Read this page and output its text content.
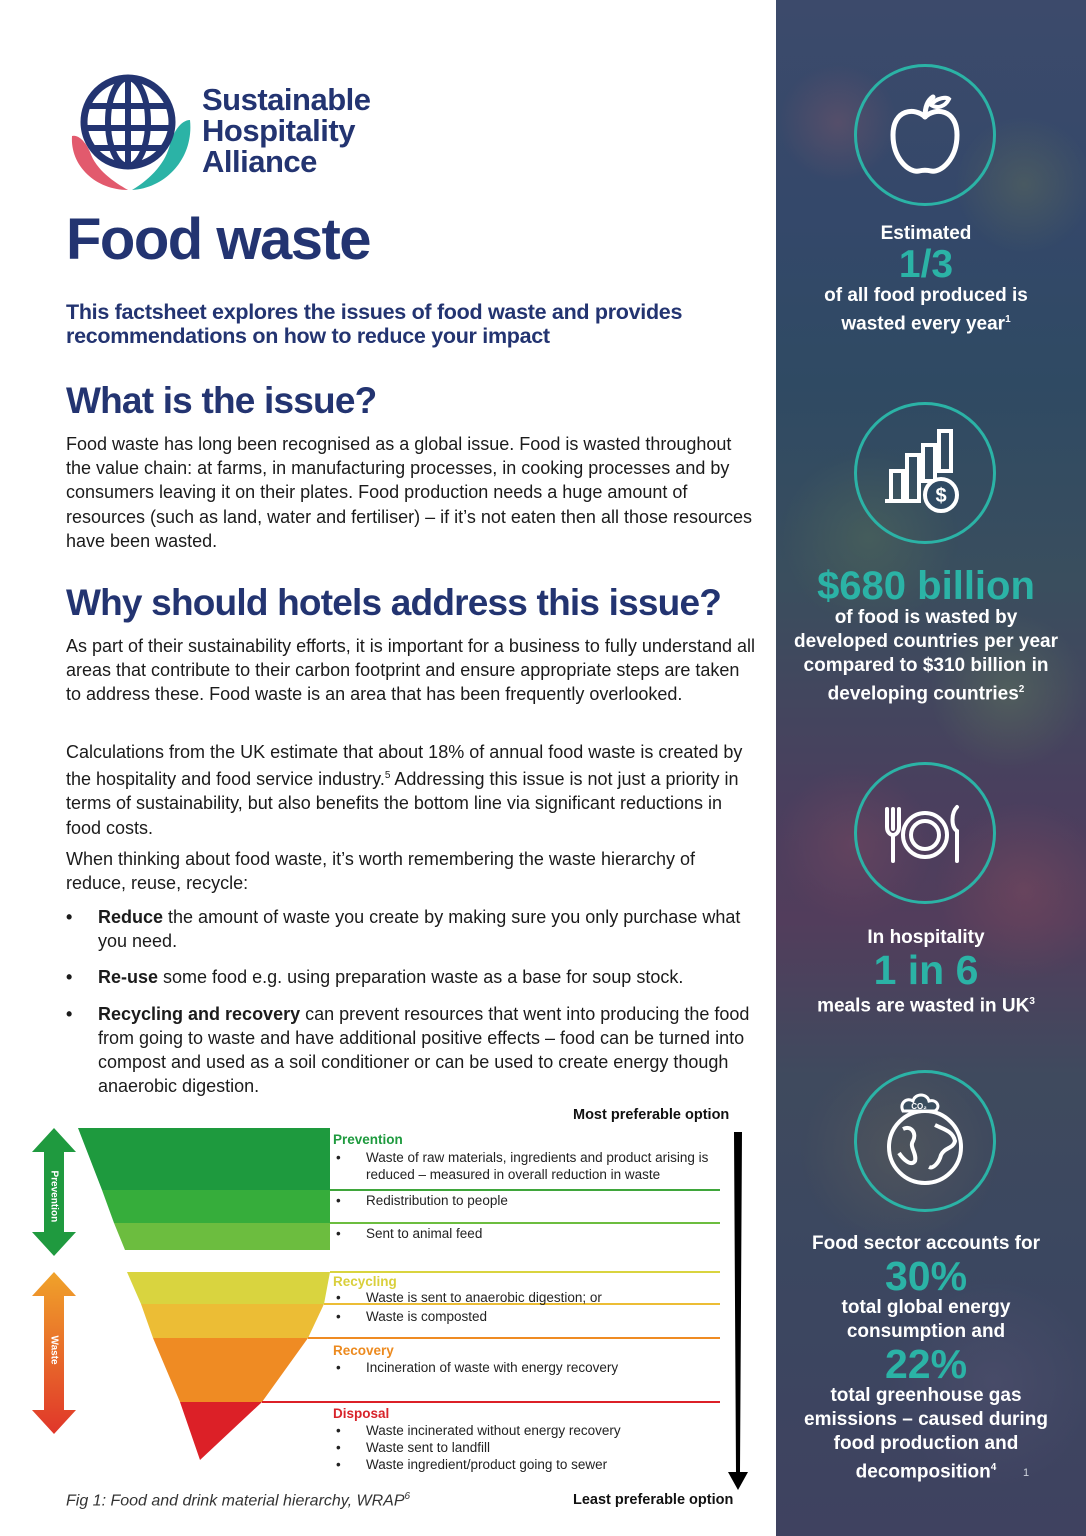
Sustainable
Hospitality
Alliance
Food waste

This factsheet explores the issues of food waste and provides recommendations on how to reduce your impact

What is the issue?

Food waste has long been recognised as a global issue. Food is wasted throughout the value chain: at farms, in manufacturing processes, in cooking processes and by consumers leaving it on their plates. Food production needs a huge amount of resources (such as land, water and fertiliser) – if it’s not eaten then all those resources have been wasted.

Why should hotels address this issue?

As part of their sustainability efforts, it is important for a business to fully understand all areas that contribute to their carbon footprint and ensure appropriate steps are taken to address these. Food waste is an area that has been frequently overlooked.

Calculations from the UK estimate that about 18% of annual food waste is created by the hospitality and food service industry.$^5$ Addressing this issue is not just a priority in terms of sustainability, but also benefits the bottom line via significant reductions in food costs.

When thinking about food waste, it’s worth remembering the waste hierarchy of reduce, reuse, recycle:

• Reduce the amount of waste you create by making sure you only purchase what you need.
• Re-use some food e.g. using preparation waste as a base for soup stock.
• Recycling and recovery can prevent resources that went into producing the food from going to waste and have additional positive effects – food can be turned into compost and used as a soil conditioner or can be used to create energy though anaerobic digestion.
Most preferable option
Prevention
Waste
Prevention
•	Waste of raw materials, ingredients and product arising is reduced – measured in overall reduction in waste
•	Redistribution to people
•	Sent to animal feed
Recycling
•	Waste is sent to anaerobic digestion; or
•	Waste is composted
Recovery
•	Incineration of waste with energy recovery
Disposal
•	Waste incinerated without energy recovery
•	Waste sent to landfill
•	Waste ingredient/product going to sewer
Fig 1: Food and drink material hierarchy, WRAP$^6$	Least preferable option
Estimated
1/3
of all food produced is
wasted every year$^1$
$
$680 billion
of food is wasted by
developed countries per year
compared to $310 billion in
developing countries$^2$
In hospitality
1 in 6
meals are wasted in $UK^3$
CO₂
Food sector accounts for
30%
total global energy
consumption and
22%
total greenhouse gas
emissions – caused during
food production and
decomposition$^4$	1
